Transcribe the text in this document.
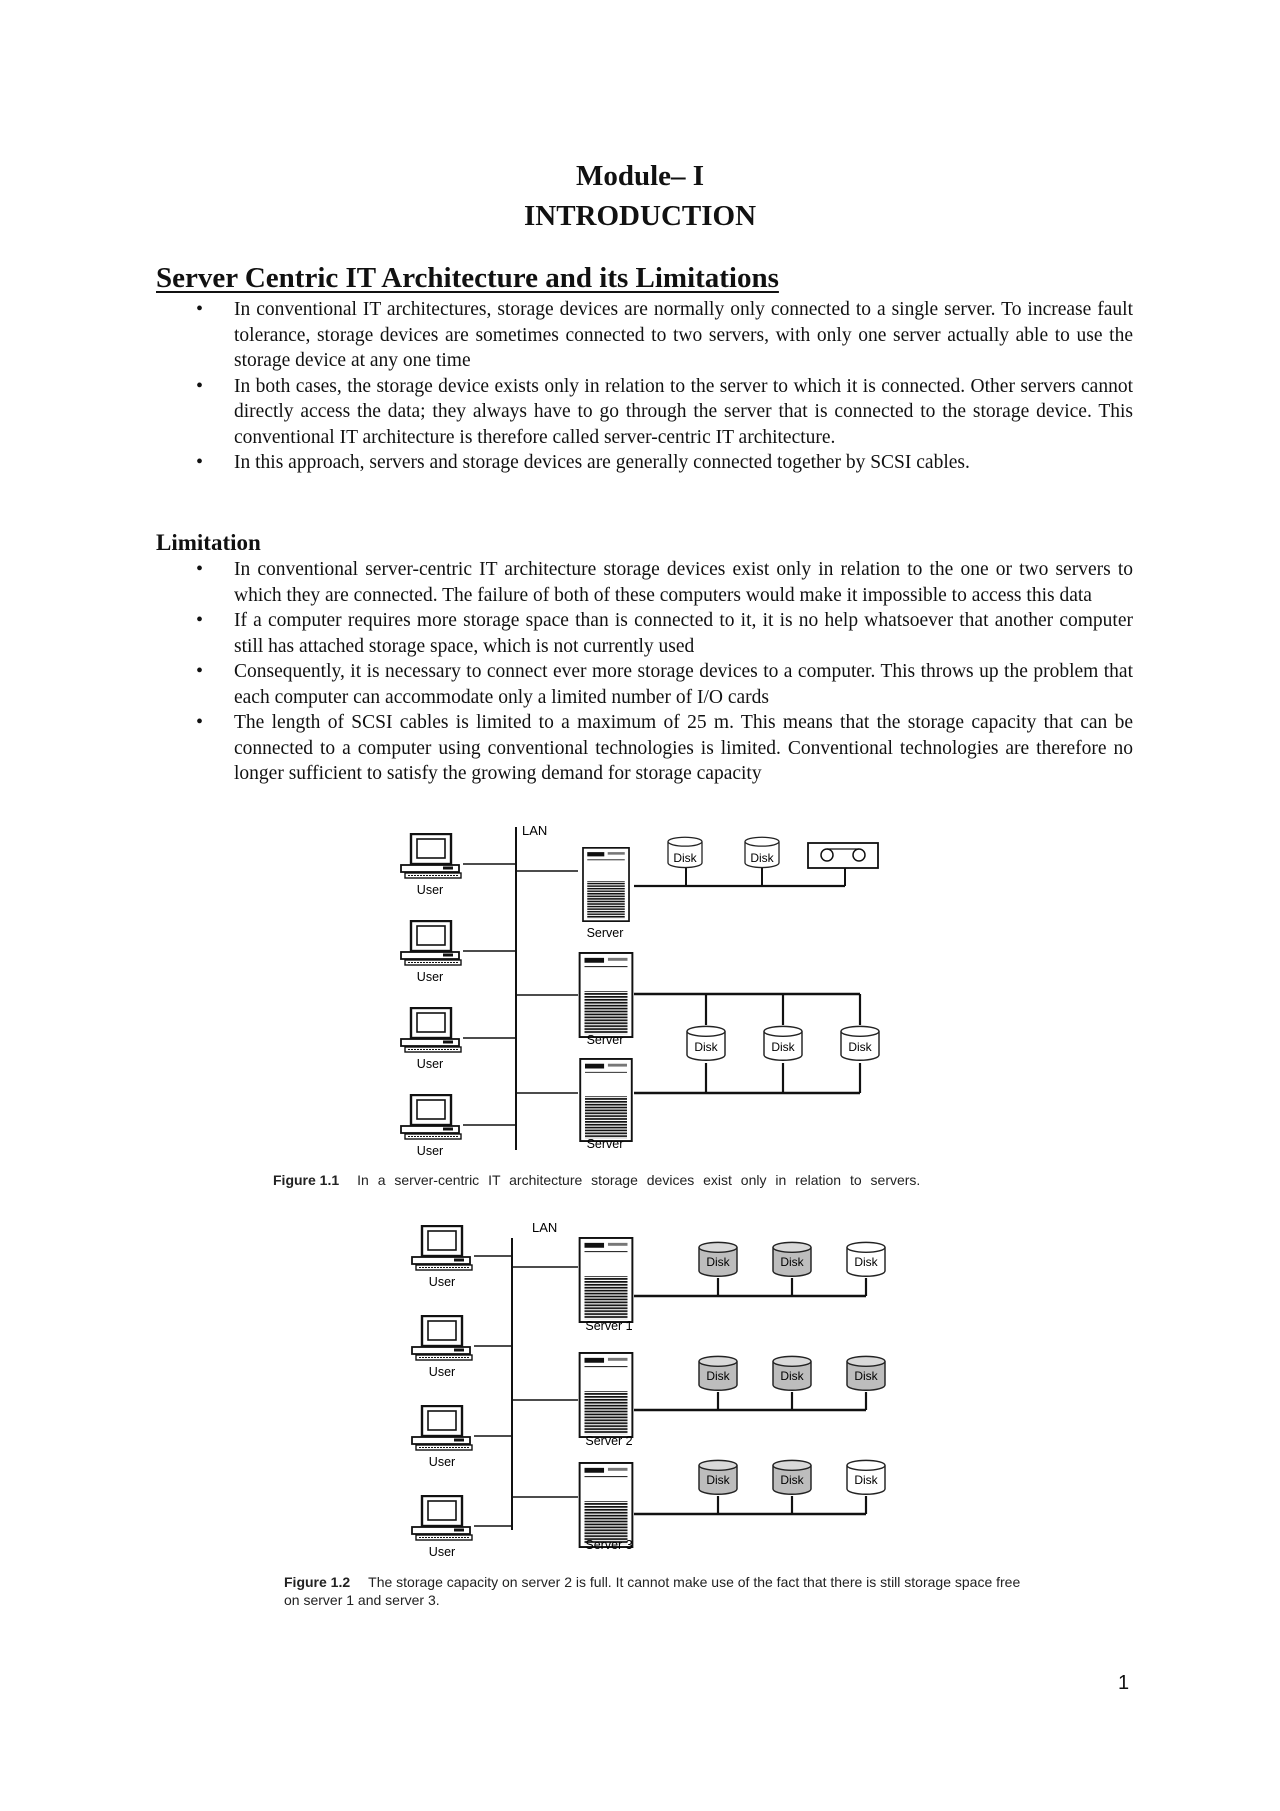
Module– I
INTRODUCTION
Server Centric IT Architecture and its Limitations
• In conventional IT architectures, storage devices are normally only connected to a single server. To increase fault tolerance, storage devices are sometimes connected to two servers, with only one server actually able to use the storage device at any one time
• In both cases, the storage device exists only in relation to the server to which it is connected. Other servers cannot directly access the data; they always have to go through the server that is connected to the storage device. This conventional IT architecture is therefore called server-centric IT architecture.
• In this approach, servers and storage devices are generally connected together by SCSI cables.
Limitation
• In conventional server-centric IT architecture storage devices exist only in relation to the one or two servers to which they are connected. The failure of both of these computers would make it impossible to access this data
• If a computer requires more storage space than is connected to it, it is no help whatsoever that another computer still has attached storage space, which is not currently used
• Consequently, it is necessary to connect ever more storage devices to a computer. This throws up the problem that each computer can accommodate only a limited number of I/O cards
• The length of SCSI cables is limited to a maximum of 25 m. This means that the storage capacity that can be connected to a computer using conventional technologies is limited. Conventional technologies are therefore no longer sufficient to satisfy the growing demand for storage capacity
LAN
User
User
User
User
Server
Disk	Disk
Server
Server
Disk	Disk	Disk
LAN
User
User
User
User
Server 1
Disk	Disk	Disk
Server 2
Disk	Disk	Disk
Server 3
Disk	Disk	Disk
Figure 1.1 In a server-centric IT architecture storage devices exist only in relation to servers.
Figure 1.2 The storage capacity on server 2 is full. It cannot make use of the fact that there is still storage space free on server 1 and server 3.
1
